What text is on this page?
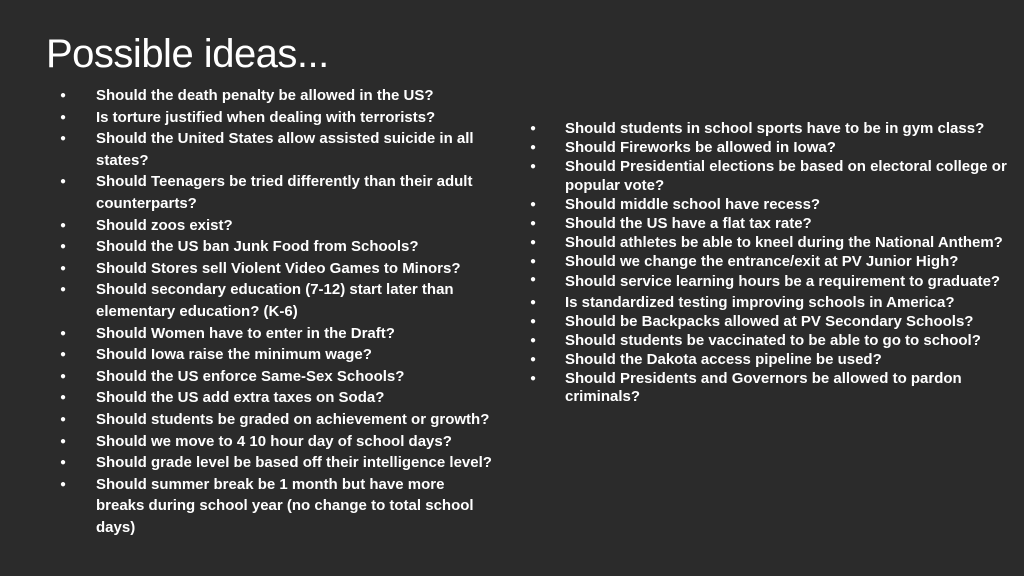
Possible ideas...
● Should the death penalty be allowed in the US?
● Is torture justified when dealing with terrorists?
● Should the United States allow assisted suicide in all states?
● Should Teenagers be tried differently than their adult counterparts?
● Should zoos exist?
● Should the US ban Junk Food from Schools?
● Should Stores sell Violent Video Games to Minors?
● Should secondary education (7-12) start later than elementary education? (K-6)
● Should Women have to enter in the Draft?
● Should Iowa raise the minimum wage?
● Should the US enforce Same-Sex Schools?
● Should the US add extra taxes on Soda?
● Should students be graded on achievement or growth?
● Should we move to 4 10 hour day of school days?
● Should grade level be based off their intelligence level?
● Should summer break be 1 month but have more breaks during school year (no change to total school days)
● Should students in school sports have to be in gym class?
● Should Fireworks be allowed in Iowa?
● Should Presidential elections be based on electoral college or popular vote?
● Should middle school have recess?
● Should the US have a flat tax rate?
● Should athletes be able to kneel during the National Anthem?
● Should we change the entrance/exit at PV Junior High?
● Should service learning hours be a requirement to graduate?
● Is standardized testing improving schools in America?
● Should be Backpacks allowed at PV Secondary Schools?
● Should students be vaccinated to be able to go to school?
● Should the Dakota access pipeline be used?
● Should Presidents and Governors be allowed to pardon criminals?
